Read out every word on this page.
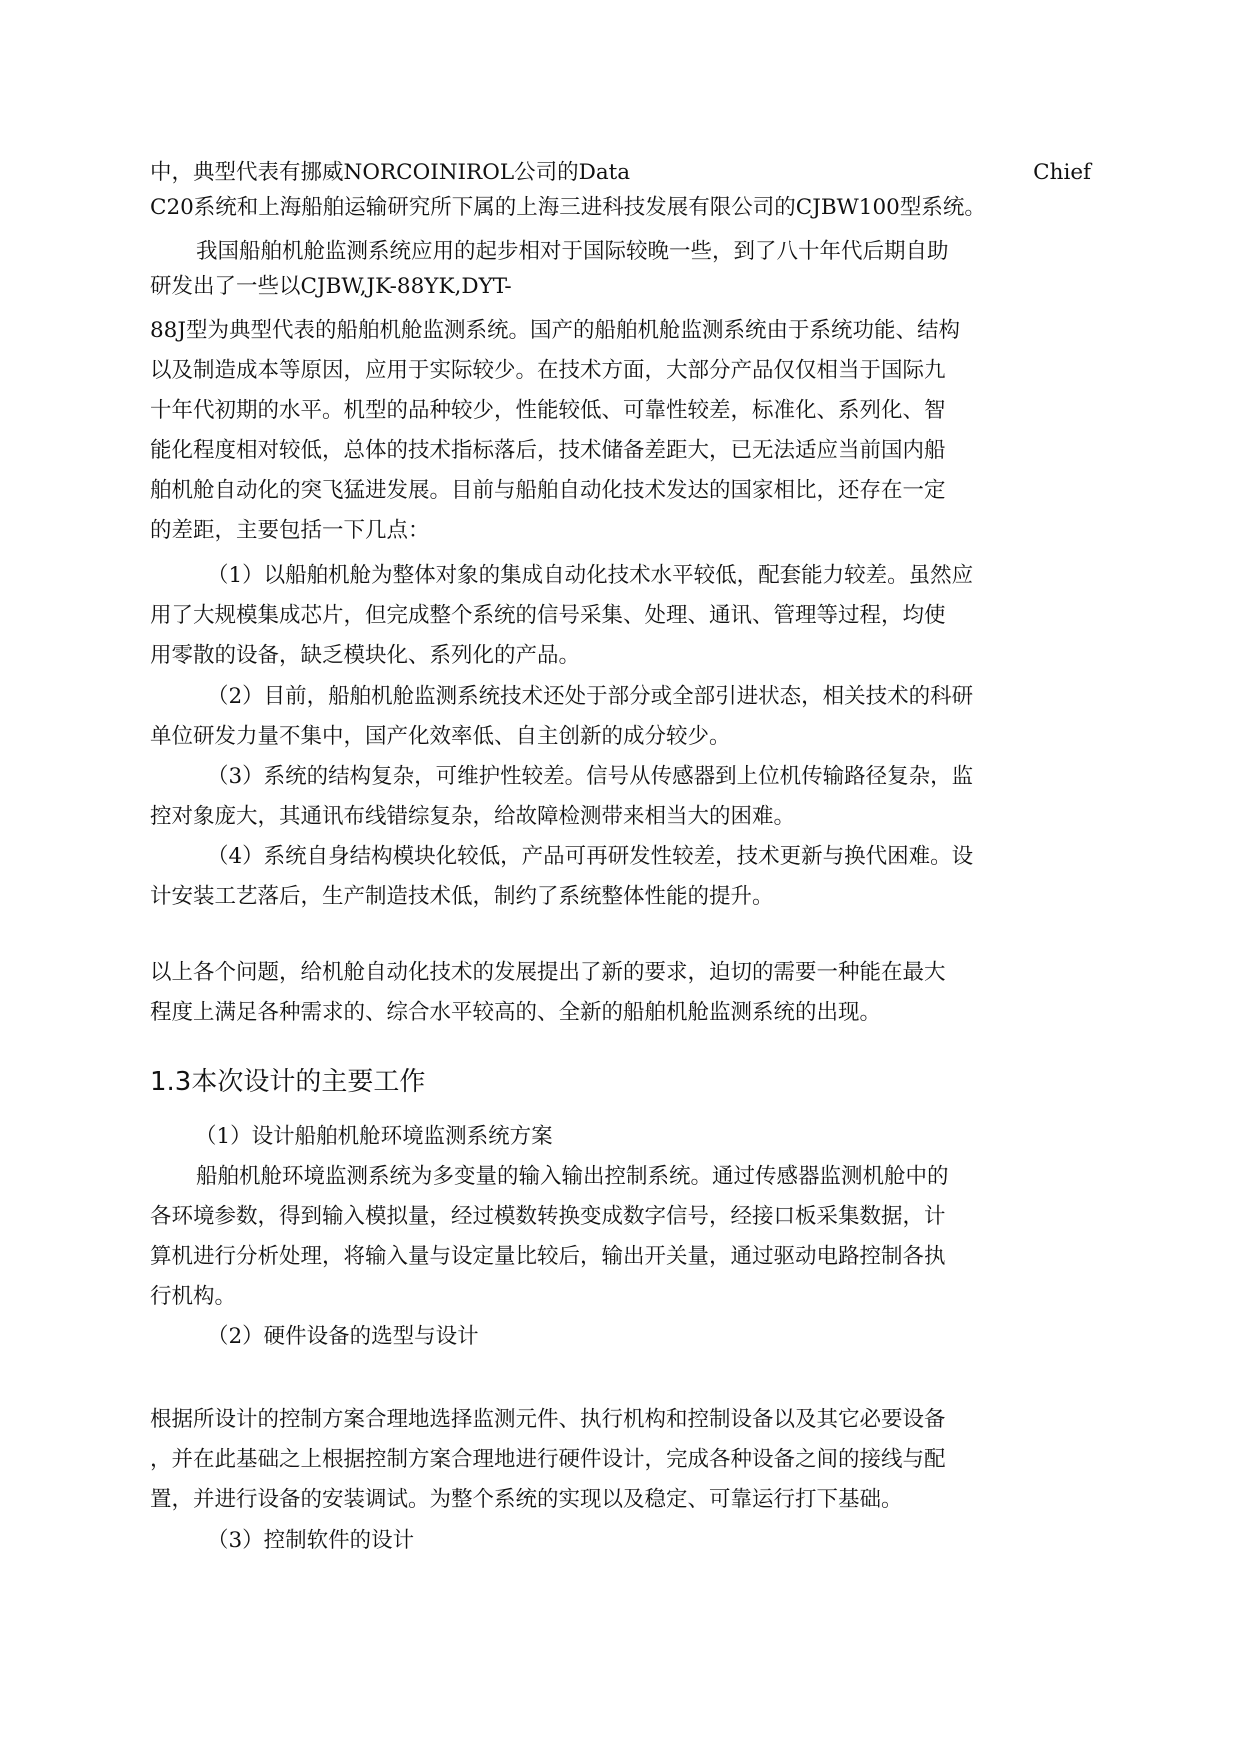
中，典型代表有挪威NORCOINIROL公司的Data	Chief
C20系统和上海船舶运输研究所下属的上海三进科技发展有限公司的CJBW100型系统。
我国船舶机舱监测系统应用的起步相对于国际较晚一些，到了八十年代后期自助
研发出了一些以CJBW,JK-88YK,DYT-
88J型为典型代表的船舶机舱监测系统。国产的船舶机舱监测系统由于系统功能、结构
以及制造成本等原因，应用于实际较少。在技术方面，大部分产品仅仅相当于国际九
十年代初期的水平。机型的品种较少，性能较低、可靠性较差，标准化、系列化、智
能化程度相对较低，总体的技术指标落后，技术储备差距大，已无法适应当前国内船
舶机舱自动化的突飞猛进发展。目前与船舶自动化技术发达的国家相比，还存在一定
的差距，主要包括一下几点：
（1）以船舶机舱为整体对象的集成自动化技术水平较低，配套能力较差。虽然应
用了大规模集成芯片，但完成整个系统的信号采集、处理、通讯、管理等过程，均使
用零散的设备，缺乏模块化、系列化的产品。
（2）目前，船舶机舱监测系统技术还处于部分或全部引进状态，相关技术的科研
单位研发力量不集中，国产化效率低、自主创新的成分较少。
（3）系统的结构复杂，可维护性较差。信号从传感器到上位机传输路径复杂，监
控对象庞大，其通讯布线错综复杂，给故障检测带来相当大的困难。
（4）系统自身结构模块化较低，产品可再研发性较差，技术更新与换代困难。设
计安装工艺落后，生产制造技术低，制约了系统整体性能的提升。
以上各个问题，给机舱自动化技术的发展提出了新的要求，迫切的需要一种能在最大
程度上满足各种需求的、综合水平较高的、全新的船舶机舱监测系统的出现。
1.3本次设计的主要工作
（1）设计船舶机舱环境监测系统方案
船舶机舱环境监测系统为多变量的输入输出控制系统。通过传感器监测机舱中的
各环境参数，得到输入模拟量，经过模数转换变成数字信号，经接口板采集数据，计
算机进行分析处理，将输入量与设定量比较后，输出开关量，通过驱动电路控制各执
行机构。
（2）硬件设备的选型与设计
根据所设计的控制方案合理地选择监测元件、执行机构和控制设备以及其它必要设备
，并在此基础之上根据控制方案合理地进行硬件设计，完成各种设备之间的接线与配
置，并进行设备的安装调试。为整个系统的实现以及稳定、可靠运行打下基础。
（3）控制软件的设计
